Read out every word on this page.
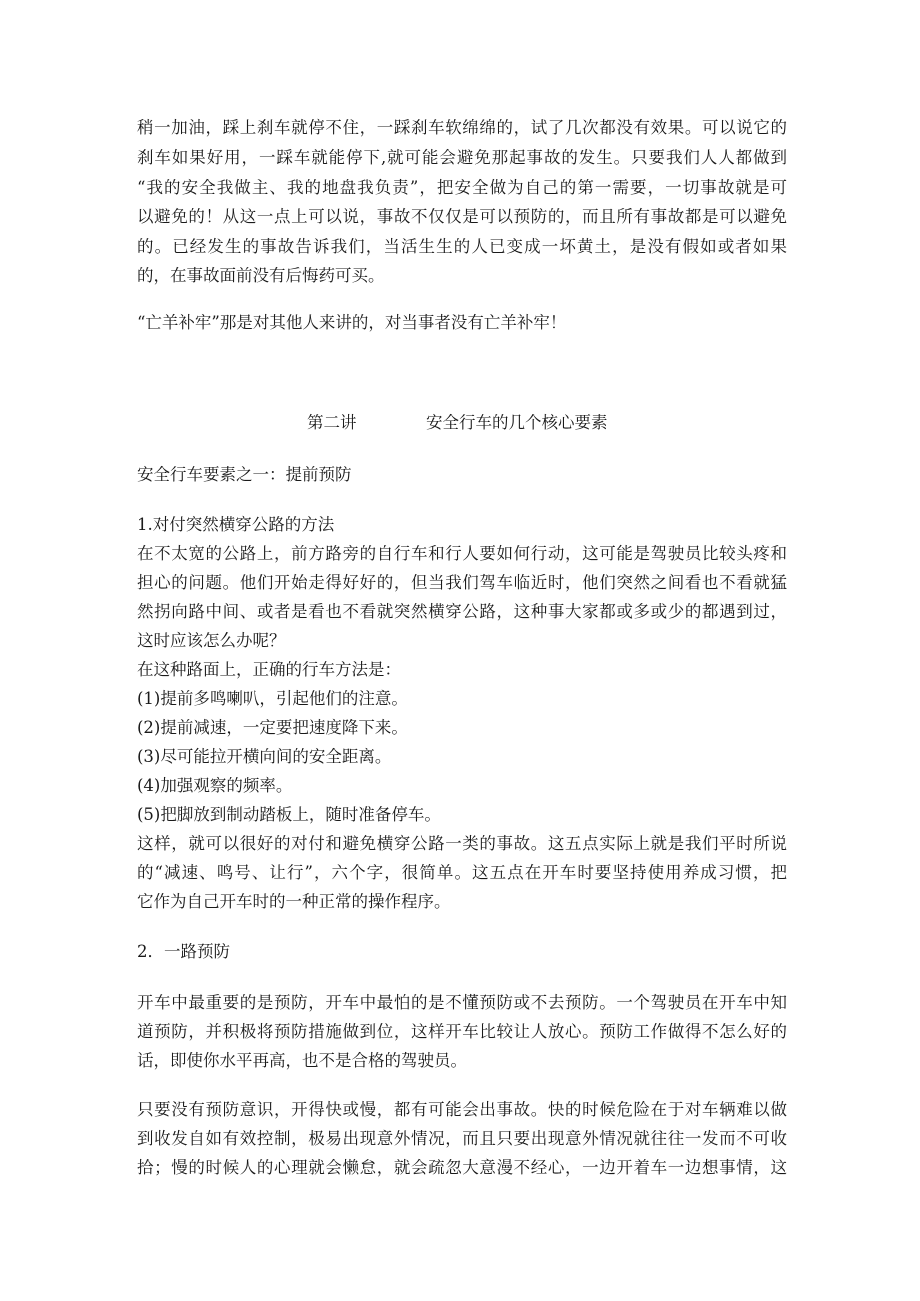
稍一加油，踩上刹车就停不住，一踩刹车软绵绵的，试了几次都没有效果。可以说它的
刹车如果好用，一踩车就能停下,就可能会避免那起事故的发生。只要我们人人都做到
“我的安全我做主、我的地盘我负责”，把安全做为自己的第一需要，一切事故就是可
以避免的！从这一点上可以说，事故不仅仅是可以预防的，而且所有事故都是可以避免
的。已经发生的事故告诉我们，当活生生的人已变成一坏黄土，是没有假如或者如果
的，在事故面前没有后悔药可买。
“亡羊补牢”那是对其他人来讲的，对当事者没有亡羊补牢！
第二讲	安全行车的几个核心要素
安全行车要素之一：提前预防
1.对付突然横穿公路的方法
在不太宽的公路上，前方路旁的自行车和行人要如何行动，这可能是驾驶员比较头疼和
担心的问题。他们开始走得好好的，但当我们驾车临近时，他们突然之间看也不看就猛
然拐向路中间、或者是看也不看就突然横穿公路，这种事大家都或多或少的都遇到过，
这时应该怎么办呢？
在这种路面上，正确的行车方法是：
(1)提前多鸣喇叭，引起他们的注意。
(2)提前减速，一定要把速度降下来。
(3)尽可能拉开横向间的安全距离。
(4)加强观察的频率。
(5)把脚放到制动踏板上，随时准备停车。
这样，就可以很好的对付和避免横穿公路一类的事故。这五点实际上就是我们平时所说
的“减速、鸣号、让行”，六个字，很简单。这五点在开车时要坚持使用养成习惯，把
它作为自己开车时的一种正常的操作程序。
2．一路预防
开车中最重要的是预防，开车中最怕的是不懂预防或不去预防。一个驾驶员在开车中知
道预防，并积极将预防措施做到位，这样开车比较让人放心。预防工作做得不怎么好的
话，即使你水平再高，也不是合格的驾驶员。
只要没有预防意识，开得快或慢，都有可能会出事故。快的时候危险在于对车辆难以做
到收发自如有效控制，极易出现意外情况，而且只要出现意外情况就往往一发而不可收
拾；慢的时候人的心理就会懒怠，就会疏忽大意漫不经心，一边开着车一边想事情，这
